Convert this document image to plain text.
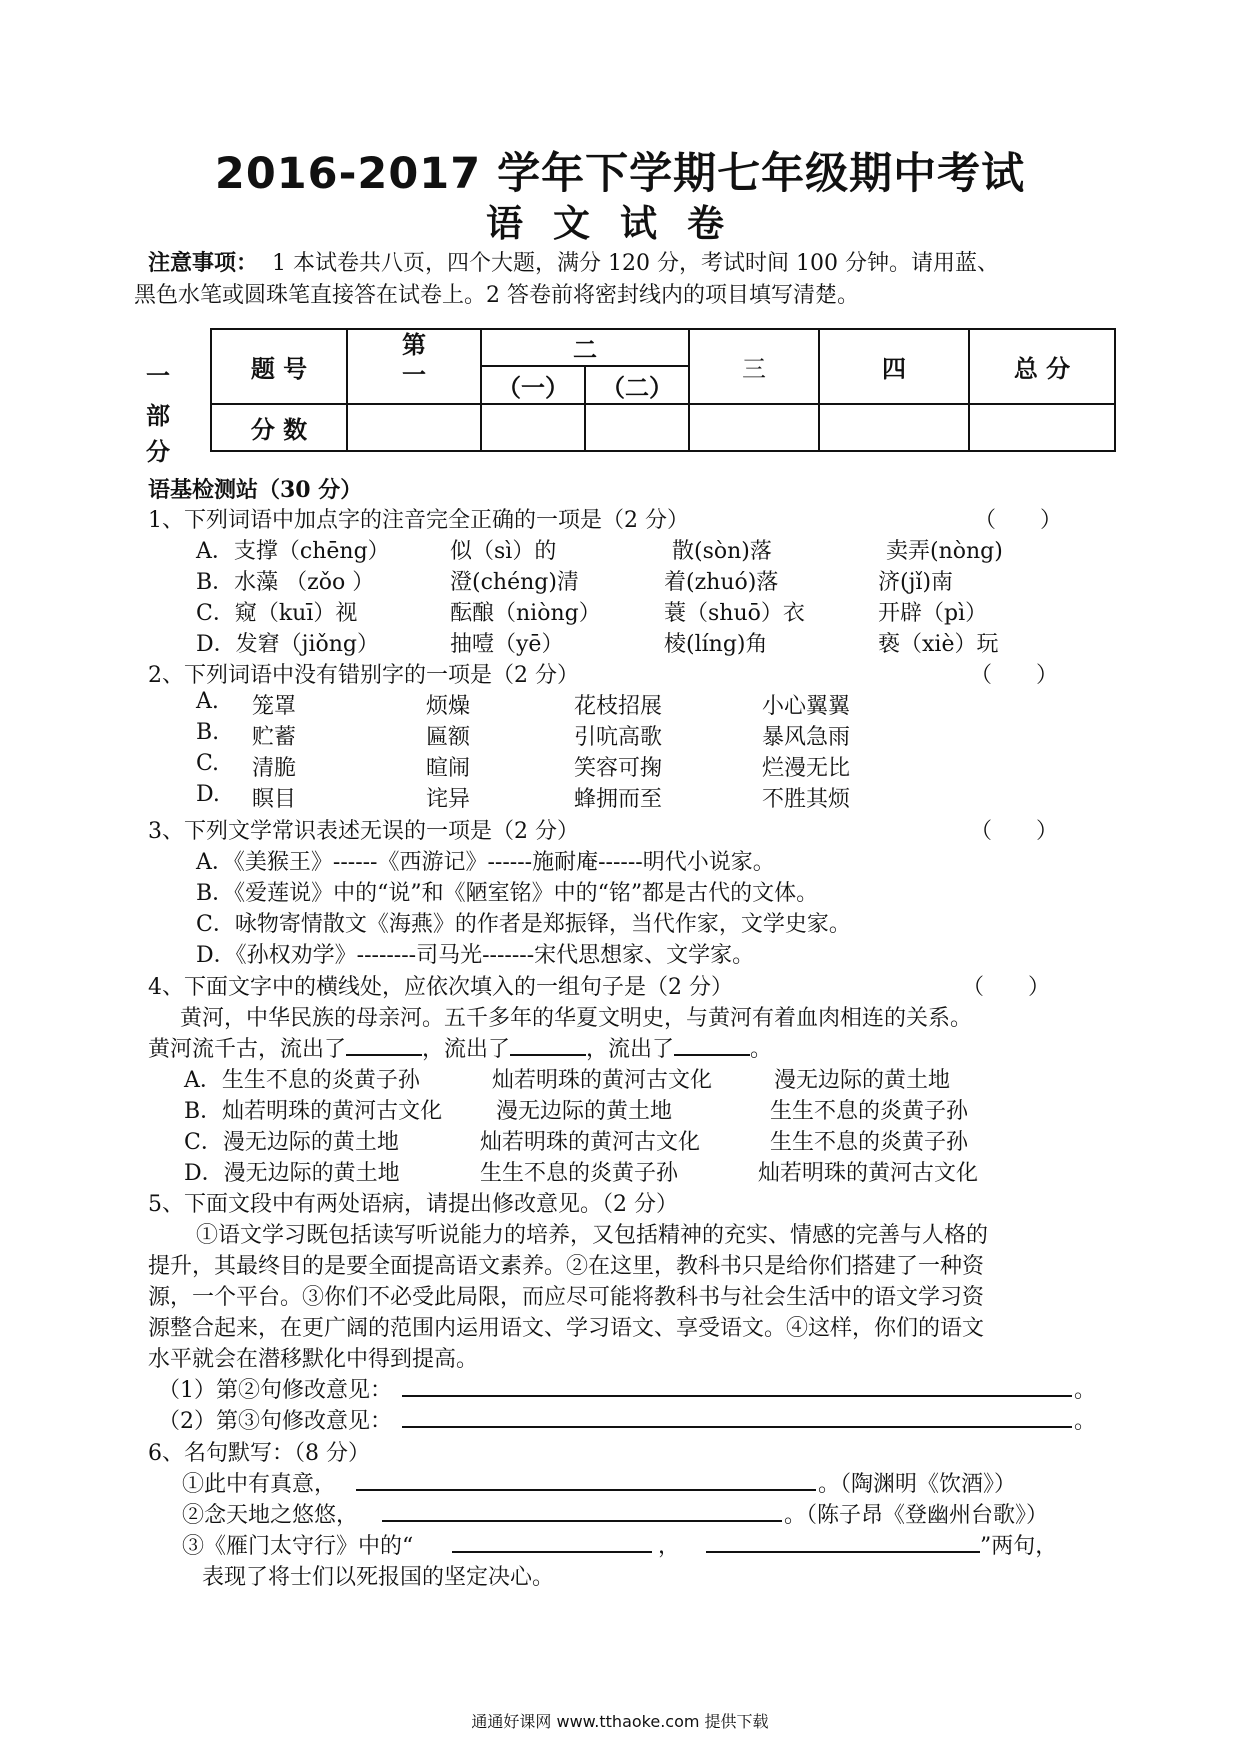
2016-2017 学年下学期七年级期中考试
语文试卷
注意事项： 1 本试卷共八页，四个大题，满分 120 分，考试时间 100 分钟。请用蓝、
黑色水笔或圆珠笔直接答在试卷上。2 答卷前将密封线内的项目填写清楚。
一
部
分
题 号	第一	二		三	四	总 分
		（一）	（二）			
分 数						
语基检测站（30 分）
1、下列词语中加点字的注音完全正确的一项是（2 分）	（　　）
A．支撑（chēng）	似（sì）的	散(sòn)落	卖弄(nòng)
B．水藻 （zǒo ）	澄(chéng)清	着(zhuó)落	济(jǐ)南
C．窥（kuī）视	酝酿（niòng）	蓑（shuō）衣	开辟（pì）
D．发窘（jiǒng）	抽噎（yē）	棱(líng)角	亵（xiè）玩
2、下列词语中没有错别字的一项是（2 分）	（　　）
A. 笼罩	烦燥	花枝招展	小心翼翼
B. 贮蓄	匾额	引吭高歌	暴风急雨
C. 清脆	暄闹	笑容可掬	烂漫无比
D. 瞑目	诧异	蜂拥而至	不胜其烦
3、下列文学常识表述无误的一项是（2 分）	（　　）
A．《美猴王》------《西游记》------施耐庵------明代小说家。
B．《爱莲说》中的“说”和《陋室铭》中的“铭”都是古代的文体。
C．咏物寄情散文《海燕》的作者是郑振铎，当代作家，文学史家。
D．《孙权劝学》--------司马光-------宋代思想家、文学家。
4、下面文字中的横线处，应依次填入的一组句子是（2 分）	（　　）
黄河，中华民族的母亲河。五千多年的华夏文明史，与黄河有着血肉相连的关系。
黄河流千古，流出了	，流出了	，流出了	。
A．生生不息的炎黄子孙	灿若明珠的黄河古文化	漫无边际的黄土地
B．灿若明珠的黄河古文化 漫无边际的黄土地	生生不息的炎黄子孙
C．漫无边际的黄土地	灿若明珠的黄河古文化	生生不息的炎黄子孙
D．漫无边际的黄土地	生生不息的炎黄子孙	灿若明珠的黄河古文化
5、下面文段中有两处语病，请提出修改意见。（2 分）
①语文学习既包括读写听说能力的培养，又包括精神的充实、情感的完善与人格的
提升，其最终目的是要全面提高语文素养。②在这里，教科书只是给你们搭建了一种资
源，一个平台。③你们不必受此局限，而应尽可能将教科书与社会生活中的语文学习资
源整合起来，在更广阔的范围内运用语文、学习语文、享受语文。④这样，你们的语文
水平就会在潜移默化中得到提高。
（1）第②句修改意见：	。
（2）第③句修改意见：	。
6、名句默写：（8 分）
①此中有真意，	。（陶渊明《饮酒》）
②念天地之悠悠，	。（陈子昂《登幽州台歌》）
③《雁门太守行》中的“	，	”两句，
表现了将士们以死报国的坚定决心。
通通好课网 www.tthaoke.com 提供下载
